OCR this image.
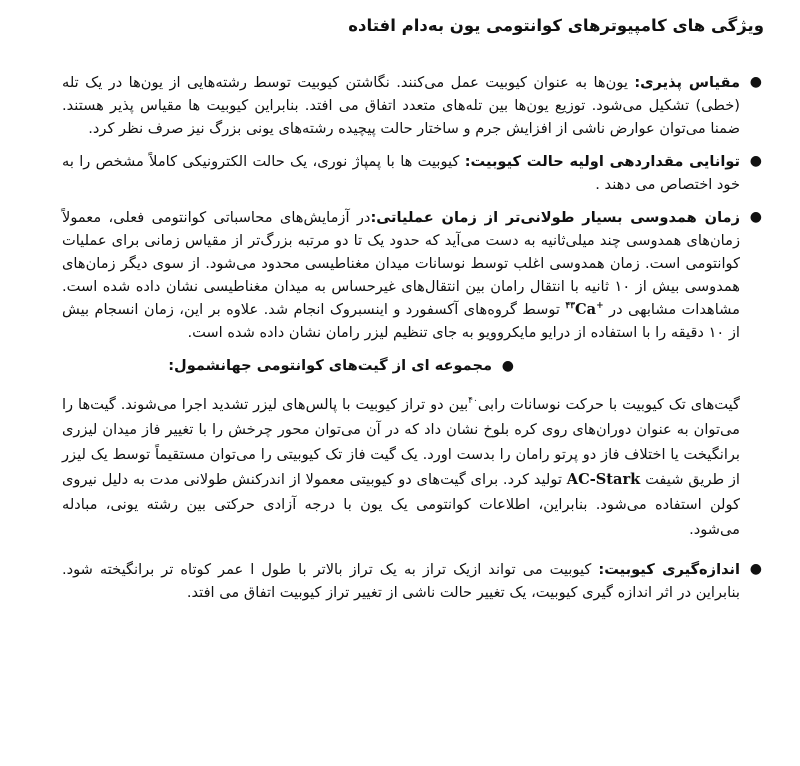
ویژگی های کامپیوترهای کوانتومی یون به‌دام افتاده
●
مقیاس پذیری: یون‌ها به عنوان کیوبیت عمل می‌کنند. نگاشتن کیوبیت توسط رشته‌هایی از یون‌ها در یک تله (خطی) تشکیل می‌شود. توزیع یون‌ها بین تله‌های متعدد اتفاق می افتد. بنابراین کیوبیت ها مقیاس پذیر هستند. ضمنا می‌توان عوارض ناشی از افزایش جرم و ساختار حالت پیچیده رشته‌های یونی بزرگ نیز صرف نظر کرد.
●
توانایی مقداردهی اولیه حالت کیوبیت: کیوبیت ها با پمپاژ نوری، یک حالت الکترونیکی کاملاً مشخص را به خود اختصاص می دهند .
●
زمان همدوسی بسیار طولانی‌تر از زمان عملیاتی:در آزمایش‌های محاسباتی کوانتومی فعلی، معمولاً زمان‌های همدوسی چند میلی‌ثانیه به دست می‌آید که حدود یک تا دو مرتبه بزرگ‌تر از مقیاس زمانی برای عملیات کوانتومی است. زمان همدوسی اغلب توسط نوسانات میدان مغناطیسی محدود می‌شود. از سوی دیگر زمان‌های همدوسی بیش از ۱۰ ثانیه با انتقال رامان بین انتقال‌های غیرحساس به میدان مغناطیسی نشان داده شده است. مشاهدات مشابهی در $^{۴۳}$Ca+ توسط گروه‌های آکسفورد و اینسبروک انجام شد. علاوه بر این، زمان انسجام بیش از ۱۰ دقیقه را با استفاده از درایو مایکروویو به جای تنظیم لیزر رامان نشان داده شده است.
●
مجموعه ای از گیت‌های کوانتومی جهانشمول:
گیت‌های تک کیوبیت با حرکت نوسانات رابی$^{۴۰}$بین دو تراز کیوبیت با پالس‌های لیزر تشدید اجرا می‌شوند. گیت‌ها را می‌توان به عنوان دوران‌های روی کره بلوخ نشان داد که در آن می‌توان محور چرخش را با تغییر فاز میدان لیزری برانگیخت یا اختلاف فاز دو پرتو رامان را بدست اورد. یک گیت فاز تک کیوبیتی را می‌توان مستقیماً توسط یک لیزر از طریق شیفت AC-Stark تولید کرد. برای گیت‌های دو کیوبیتی معمولا از اندرکنش طولانی مدت به دلیل نیروی کولن استفاده می‌شود. بنابراین، اطلاعات کوانتومی یک یون با درجه آزادی حرکتی بین رشته یونی، مبادله می‌شود.
●
اندازه‌گیری کیوبیت: کیوبیت می تواند ازیک تراز به یک تراز بالاتر با طول ا عمر کوتاه تر برانگیخته شود. بنابراین در اثر اندازه گیری کیوبیت، یک تغییر حالت ناشی از تغییر تراز کیوبیت اتفاق می افتد.
